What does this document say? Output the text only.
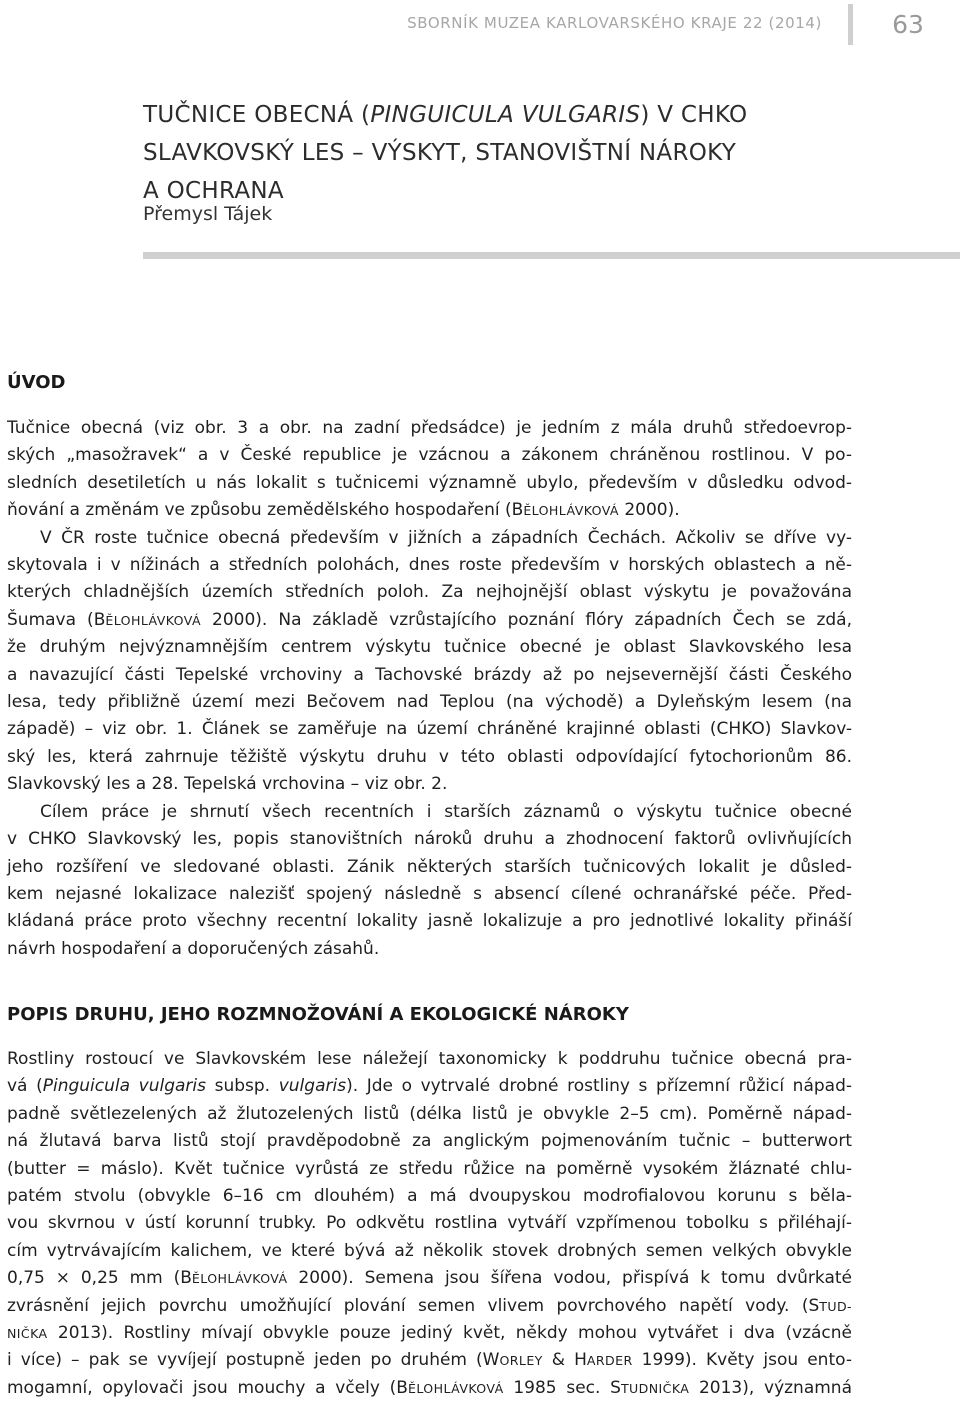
SBORNÍK MUZEA KARLOVARSKÉHO KRAJE 22 (2014)	63
TUČNICE OBECNÁ (PINGUICULA VULGARIS) V CHKO
SLAVKOVSKÝ LES – VÝSKYT, STANOVIŠTNÍ NÁROKY
A OCHRANA
Přemysl Tájek
ÚVOD
Tučnice obecná (viz obr. 3 a obr. na zadní předsádce) je jedním z mála druhů středoevrop-
ských „masožravek“ a v České republice je vzácnou a zákonem chráněnou rostlinou. V po-
sledních desetiletích u nás lokalit s tučnicemi významně ubylo, především v důsledku odvod-
ňování a změnám ve způsobu zemědělského hospodaření (BĚLOHLÁVKOVÁ 2000).
V ČR roste tučnice obecná především v jižních a západních Čechách. Ačkoliv se dříve vy-
skytovala i v nížinách a středních polohách, dnes roste především v horských oblastech a ně-
kterých chladnějších územích středních poloh. Za nejhojnější oblast výskytu je považována
Šumava (BĚLOHLÁVKOVÁ 2000). Na základě vzrůstajícího poznání flóry západních Čech se zdá,
že druhým nejvýznamnějším centrem výskytu tučnice obecné je oblast Slavkovského lesa
a navazující části Tepelské vrchoviny a Tachovské brázdy až po nejsevernější části Českého
lesa, tedy přibližně území mezi Bečovem nad Teplou (na východě) a Dyleňským lesem (na
západě) – viz obr. 1. Článek se zaměřuje na území chráněné krajinné oblasti (CHKO) Slavkov-
ský les, která zahrnuje těžiště výskytu druhu v této oblasti odpovídající fytochorionům 86.
Slavkovský les a 28. Tepelská vrchovina – viz obr. 2.
Cílem práce je shrnutí všech recentních i starších záznamů o výskytu tučnice obecné
v CHKO Slavkovský les, popis stanovištních nároků druhu a zhodnocení faktorů ovlivňujících
jeho rozšíření ve sledované oblasti. Zánik některých starších tučnicových lokalit je důsled-
kem nejasné lokalizace nalezišť spojený následně s absencí cílené ochranářské péče. Před-
kládaná práce proto všechny recentní lokality jasně lokalizuje a pro jednotlivé lokality přináší
návrh hospodaření a doporučených zásahů.
POPIS DRUHU, JEHO ROZMNOŽOVÁNÍ A EKOLOGICKÉ NÁROKY
Rostliny rostoucí ve Slavkovském lese náležejí taxonomicky k poddruhu tučnice obecná pra-
vá (Pinguicula vulgaris subsp. vulgaris). Jde o vytrvalé drobné rostliny s přízemní růžicí nápad-
padně světlezelených až žlutozelených listů (délka listů je obvykle 2–5 cm). Poměrně nápad-
ná žlutavá barva listů stojí pravděpodobně za anglickým pojmenováním tučnic – butterwort
(butter = máslo). Květ tučnice vyrůstá ze středu růžice na poměrně vysokém žláznaté chlu-
patém stvolu (obvykle 6–16 cm dlouhém) a má dvoupyskou modrofialovou korunu s běla-
vou skvrnou v ústí korunní trubky. Po odkvětu rostlina vytváří vzpřímenou tobolku s přiléhají-
cím vytrvávajícím kalichem, ve které bývá až několik stovek drobných semen velkých obvykle
0,75 × 0,25 mm (BĚLOHLÁVKOVÁ 2000). Semena jsou šířena vodou, přispívá k tomu dvůrkaté
zvrásnění jejich povrchu umožňující plování semen vlivem povrchového napětí vody. (STUD-
NIČKA 2013). Rostliny mívají obvykle pouze jediný květ, někdy mohou vytvářet i dva (vzácně
i více) – pak se vyvíjejí postupně jeden po druhém (WORLEY & HARDER 1999). Květy jsou ento-
mogamní, opylovači jsou mouchy a včely (BĚLOHLÁVKOVÁ 1985 sec. STUDNIČKA 2013), významná
